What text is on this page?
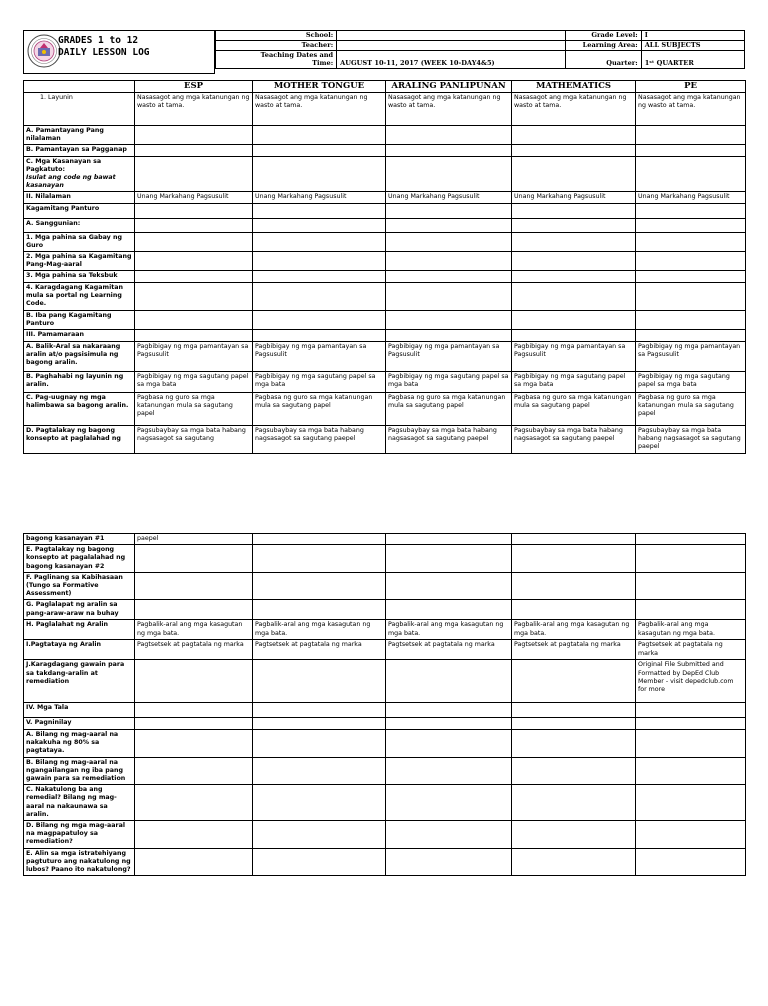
GRADES 1 to 12
DAILY LESSON LOG
School:		Grade Level:	I
Teacher:		Learning Area:	ALL SUBJECTS

Teaching Dates and
Time:	AUGUST 10-11, 2017 (WEEK 10-DAY4&5)	Quarter:	1ˢᵗ QUARTER
	ESP	MOTHER TONGUE	ARALING PANLIPUNAN	MATHEMATICS	PE
1. Layunin	Nasasagot ang mga katanungan ng wasto at tama.	Nasasagot ang mga katanungan ng wasto at tama.	Nasasagot ang mga katanungan ng wasto at tama.	Nasasagot ang mga katanungan ng wasto at tama.	Nasasagot ang mga katanungan ng wasto at tama.
A. Pamantayang Pang nilalaman					
B. Pamantayan sa Pagganap					
C. Mga Kasanayan sa Pagkatuto:
Isulat ang code ng bawat kasanayan					

II. Nilalaman	Unang Markahang Pagsusulit	Unang Markahang Pagsusulit	Unang Markahang Pagsusulit	Unang Markahang Pagsusulit	Unang Markahang Pagsusulit
Kagamitang Panturo					
A. Sanggunian:					
1. Mga pahina sa Gabay ng Guro					
2. Mga pahina sa Kagamitang Pang-Mag-aaral					
3. Mga pahina sa Teksbuk					
4. Karagdagang Kagamitan mula sa portal ng Learning Code.					
B. Iba pang Kagamitang Panturo					
III. Pamamaraan					
A. Balik-Aral sa nakaraang aralin at/o pagsisimula ng bagong aralin.	Pagbibigay ng mga pamantayan sa Pagsusulit	Pagbibigay ng mga pamantayan sa Pagsusulit	Pagbibigay ng mga pamantayan sa Pagsusulit	Pagbibigay ng mga pamantayan sa Pagsusulit	Pagbibigay ng mga pamantayan sa Pagsusulit
B. Paghahabi ng layunin ng aralin.	Pagbibigay ng mga sagutang papel sa mga bata	Pagbibigay ng mga sagutang papel sa mga bata	Pagbibigay ng mga sagutang papel sa mga bata	Pagbibigay ng mga sagutang papel sa mga bata	Pagbibigay ng mga sagutang papel sa mga bata
C. Pag-uugnay ng mga halimbawa sa bagong aralin.	Pagbasa ng guro sa mga katanungan mula sa sagutang papel	Pagbasa ng guro sa mga katanungan mula sa sagutang papel	Pagbasa ng guro sa mga katanungan mula sa sagutang papel	Pagbasa ng guro sa mga katanungan mula sa sagutang papel	Pagbasa ng guro sa mga katanungan mula sa sagutang papel
D. Pagtalakay ng bagong konsepto at paglalahad ng	Pagsubaybay sa mga bata habang nagsasagot sa sagutang	Pagsubaybay sa mga bata habang nagsasagot sa sagutang paepel	Pagsubaybay sa mga bata habang nagsasagot sa sagutang paepel	Pagsubaybay sa mga bata habang nagsasagot sa sagutang paepel	Pagsubaybay sa mga bata habang nagsasagot sa sagutang paepel
bagong kasanayan #1	paepel				
E. Pagtalakay ng bagong konsepto at pagalalahad ng bagong kasanayan #2					
F. Paglinang sa Kabihasaan (Tungo sa Formative Assessment)					
G. Paglalapat ng aralin sa pang-araw-araw na buhay					
H. Paglalahat ng Aralin	Pagbalik-aral ang mga kasagutan ng mga bata.	Pagbalik-aral ang mga kasagutan ng mga bata.	Pagbalik-aral ang mga kasagutan ng mga bata.	Pagbalik-aral ang mga kasagutan ng mga bata.	Pagbalik-aral ang mga kasagutan ng mga bata.
I.Pagtataya ng Aralin	Pagtsetsek at pagtatala ng marka	Pagtsetsek at pagtatala ng marka	Pagtsetsek at pagtatala ng marka	Pagtsetsek at pagtatala ng marka	Pagtsetsek at pagtatala ng marka
J.Karagdagang gawain para sa takdang-aralin at remediation					Original File Submitted and Formatted by DepEd Club Member - visit depedclub.com for more
IV. Mga Tala					
V. Pagninilay					
A. Bilang ng mag-aaral na nakakuha ng 80% sa pagtataya.					
B. Bilang ng mag-aaral na ngangailangan ng iba pang gawain para sa remediation					
C. Nakatulong ba ang remedial? Bilang ng mag-aaral na nakaunawa sa aralin.					
D. Bilang ng mga mag-aaral na magpapatuloy sa remediation?					
E. Alin sa mga istratehiyang pagtuturo ang nakatulong ng lubos? Paano ito nakatulong?					
